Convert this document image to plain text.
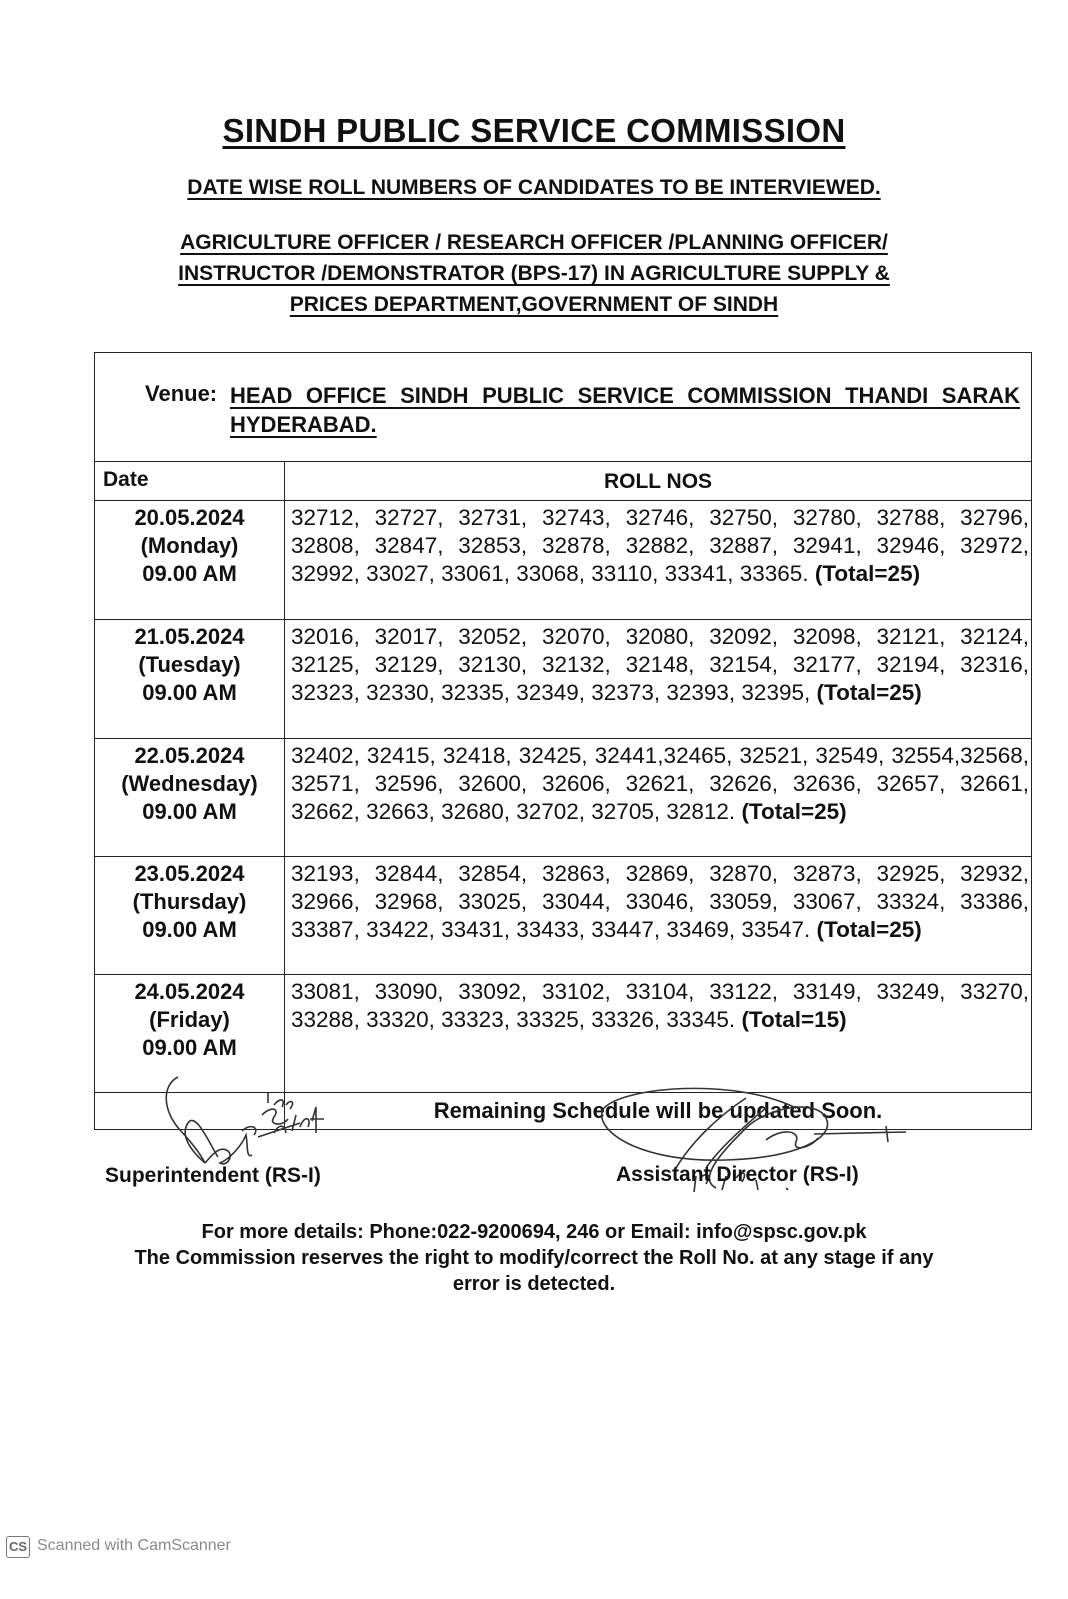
SINDH PUBLIC SERVICE COMMISSION
DATE WISE ROLL NUMBERS OF CANDIDATES TO BE INTERVIEWED.
AGRICULTURE OFFICER / RESEARCH OFFICER /PLANNING OFFICER/
INSTRUCTOR /DEMONSTRATOR (BPS-17) IN AGRICULTURE SUPPLY &
PRICES DEPARTMENT,GOVERNMENT OF SINDH
Venue: HEAD OFFICE SINDH PUBLIC SERVICE COMMISSION THANDI SARAK HYDERABAD.
Date	ROLL NOS
20.05.2024
(Monday)
09.00 AM
32712, 32727, 32731, 32743, 32746, 32750, 32780, 32788, 32796, 32808, 32847, 32853, 32878, 32882, 32887, 32941, 32946, 32972, 32992, 33027, 33061, 33068, 33110, 33341, 33365. (Total=25)
21.05.2024
(Tuesday)
09.00 AM
32016, 32017, 32052, 32070, 32080, 32092, 32098, 32121, 32124, 32125, 32129, 32130, 32132, 32148, 32154, 32177, 32194, 32316, 32323, 32330, 32335, 32349, 32373, 32393, 32395, (Total=25)
22.05.2024
(Wednesday)
09.00 AM
32402, 32415, 32418, 32425, 32441,32465, 32521, 32549, 32554,32568, 32571, 32596, 32600, 32606, 32621, 32626, 32636, 32657, 32661, 32662, 32663, 32680, 32702, 32705, 32812. (Total=25)
23.05.2024
(Thursday)
09.00 AM
32193, 32844, 32854, 32863, 32869, 32870, 32873, 32925, 32932, 32966, 32968, 33025, 33044, 33046, 33059, 33067, 33324, 33386, 33387, 33422, 33431, 33433, 33447, 33469, 33547. (Total=25)
24.05.2024
(Friday)
09.00 AM
33081, 33090, 33092, 33102, 33104, 33122, 33149, 33249, 33270, 33288, 33320, 33323, 33325, 33326, 33345. (Total=15)
Remaining Schedule will be updated Soon.
Superintendent (RS-I)	Assistant Director (RS-I)
For more details: Phone:022-9200694, 246 or Email: info@spsc.gov.pk
The Commission reserves the right to modify/correct the Roll No. at any stage if any
error is detected.
CS Scanned with CamScanner
